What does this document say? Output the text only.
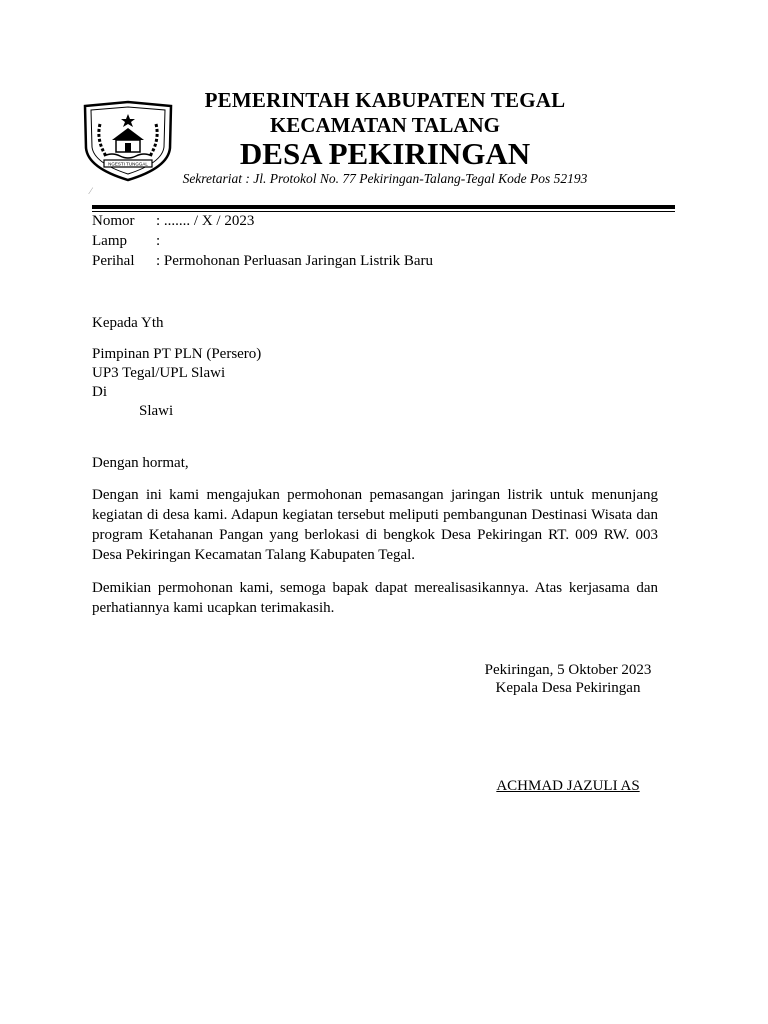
NGESTI TUNGGAL
PEMERINTAH KABUPATEN TEGAL
KECAMATAN TALANG
DESA PEKIRINGAN
Sekretariat : Jl. Protokol No. 77 Pekiringan-Talang-Tegal Kode Pos 52193
⁄
Nomor : ....... / X / 2023
Lamp :
Perihal : Permohonan Perluasan Jaringan Listrik Baru
Kepada Yth
Pimpinan PT PLN (Persero)
UP3 Tegal/UPL Slawi
Di
Slawi
Dengan hormat,
Dengan ini kami mengajukan permohonan pemasangan jaringan listrik untuk menunjang kegiatan di desa kami. Adapun kegiatan tersebut meliputi pembangunan Destinasi Wisata dan program Ketahanan Pangan yang berlokasi di bengkok Desa Pekiringan RT. 009 RW. 003 Desa Pekiringan Kecamatan Talang Kabupaten Tegal.
Demikian permohonan kami, semoga bapak dapat merealisasikannya. Atas kerjasama dan perhatiannya kami ucapkan terimakasih.
Pekiringan, 5 Oktober 2023
Kepala Desa Pekiringan
ACHMAD JAZULI AS
